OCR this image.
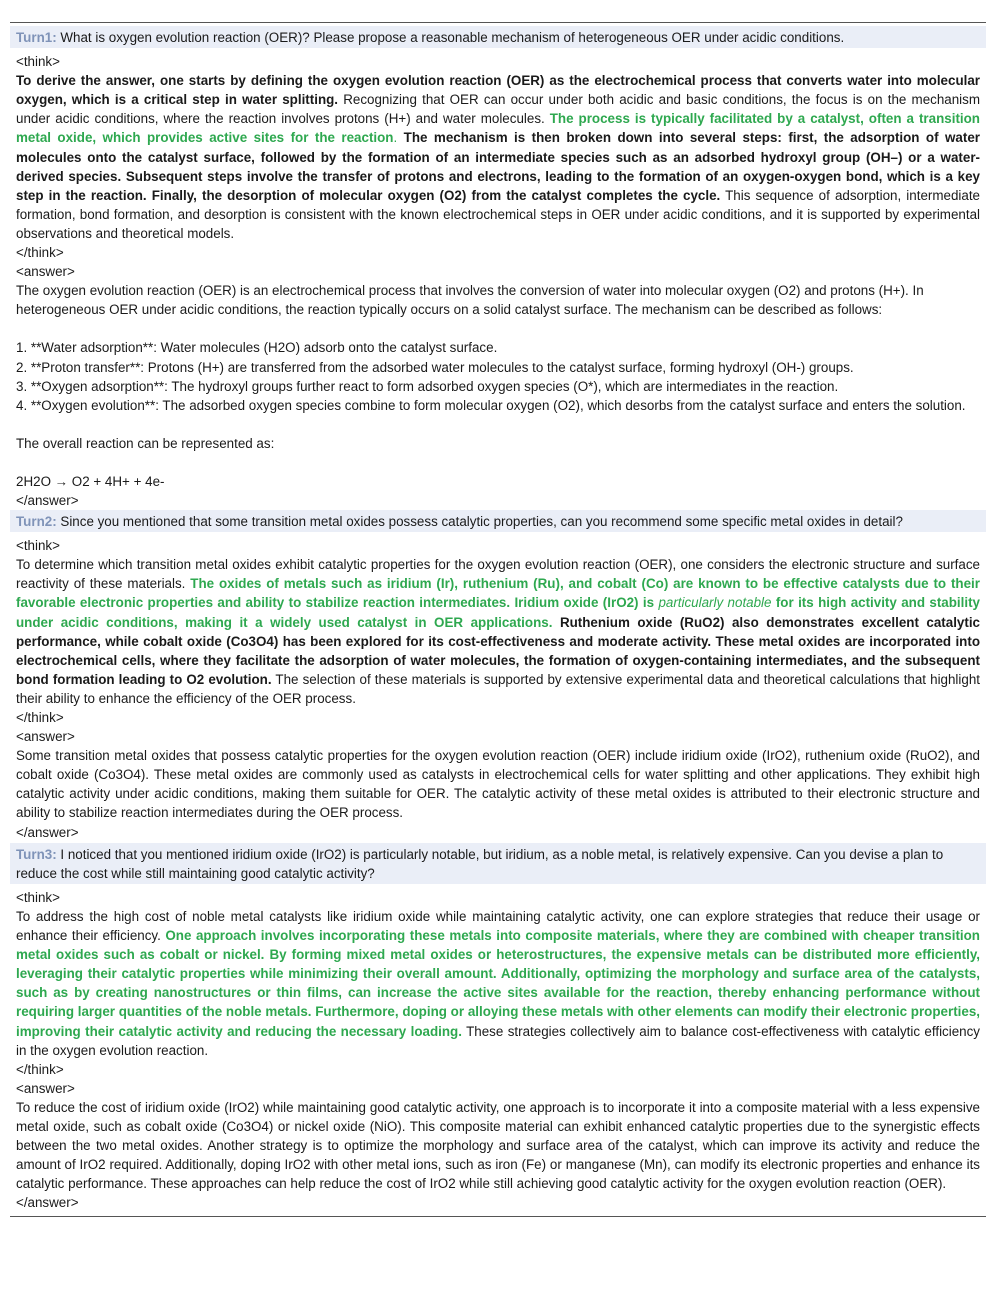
Turn1: What is oxygen evolution reaction (OER)? Please propose a reasonable mechanism of heterogeneous OER under acidic conditions.
<think>

To derive the answer, one starts by defining the oxygen evolution reaction (OER) as the electrochemical process that converts water into molecular oxygen, which is a critical step in water splitting. Recognizing that OER can occur under both acidic and basic conditions, the focus is on the mechanism under acidic conditions, where the reaction involves protons (H+) and water molecules. The process is typically facilitated by a catalyst, often a transition metal oxide, which provides active sites for the reaction. The mechanism is then broken down into several steps: first, the adsorption of water molecules onto the catalyst surface, followed by the formation of an intermediate species such as an adsorbed hydroxyl group (OH–) or a water-derived species. Subsequent steps involve the transfer of protons and electrons, leading to the formation of an oxygen-oxygen bond, which is a key step in the reaction. Finally, the desorption of molecular oxygen (O2) from the catalyst completes the cycle. This sequence of adsorption, intermediate formation, bond formation, and desorption is consistent with the known electrochemical steps in OER under acidic conditions, and it is supported by experimental observations and theoretical models.

</think>
<answer>

The oxygen evolution reaction (OER) is an electrochemical process that involves the conversion of water into molecular oxygen (O2) and protons (H+). In heterogeneous OER under acidic conditions, the reaction typically occurs on a solid catalyst surface. The mechanism can be described as follows:

1. **Water adsorption**: Water molecules (H2O) adsorb onto the catalyst surface.

2. **Proton transfer**: Protons (H+) are transferred from the adsorbed water molecules to the catalyst surface, forming hydroxyl (OH-) groups.

3. **Oxygen adsorption**: The hydroxyl groups further react to form adsorbed oxygen species (O*), which are intermediates in the reaction.

4. **Oxygen evolution**: The adsorbed oxygen species combine to form molecular oxygen (O2), which desorbs from the catalyst surface and enters the solution.

The overall reaction can be represented as:

2H2O → O2 + 4H+ + 4e-

</answer>
Turn2: Since you mentioned that some transition metal oxides possess catalytic properties, can you recommend some specific metal oxides in detail?
<think>

To determine which transition metal oxides exhibit catalytic properties for the oxygen evolution reaction (OER), one considers the electronic structure and surface reactivity of these materials. The oxides of metals such as iridium (Ir), ruthenium (Ru), and cobalt (Co) are known to be effective catalysts due to their favorable electronic properties and ability to stabilize reaction intermediates. Iridium oxide (IrO2) is particularly notable for its high activity and stability under acidic conditions, making it a widely used catalyst in OER applications. Ruthenium oxide (RuO2) also demonstrates excellent catalytic performance, while cobalt oxide (Co3O4) has been explored for its cost-effectiveness and moderate activity. These metal oxides are incorporated into electrochemical cells, where they facilitate the adsorption of water molecules, the formation of oxygen-containing intermediates, and the subsequent bond formation leading to O2 evolution. The selection of these materials is supported by extensive experimental data and theoretical calculations that highlight their ability to enhance the efficiency of the OER process.

</think>
<answer>

Some transition metal oxides that possess catalytic properties for the oxygen evolution reaction (OER) include iridium oxide (IrO2), ruthenium oxide (RuO2), and cobalt oxide (Co3O4). These metal oxides are commonly used as catalysts in electrochemical cells for water splitting and other applications. They exhibit high catalytic activity under acidic conditions, making them suitable for OER. The catalytic activity of these metal oxides is attributed to their electronic structure and ability to stabilize reaction intermediates during the OER process.

</answer>
Turn3: I noticed that you mentioned iridium oxide (IrO2) is particularly notable, but iridium, as a noble metal, is relatively expensive. Can you devise a plan to reduce the cost while still maintaining good catalytic activity?
<think>

To address the high cost of noble metal catalysts like iridium oxide while maintaining catalytic activity, one can explore strategies that reduce their usage or enhance their efficiency. One approach involves incorporating these metals into composite materials, where they are combined with cheaper transition metal oxides such as cobalt or nickel. By forming mixed metal oxides or heterostructures, the expensive metals can be distributed more efficiently, leveraging their catalytic properties while minimizing their overall amount. Additionally, optimizing the morphology and surface area of the catalysts, such as by creating nanostructures or thin films, can increase the active sites available for the reaction, thereby enhancing performance without requiring larger quantities of the noble metals. Furthermore, doping or alloying these metals with other elements can modify their electronic properties, improving their catalytic activity and reducing the necessary loading. These strategies collectively aim to balance cost-effectiveness with catalytic efficiency in the oxygen evolution reaction.

</think>
<answer>

To reduce the cost of iridium oxide (IrO2) while maintaining good catalytic activity, one approach is to incorporate it into a composite material with a less expensive metal oxide, such as cobalt oxide (Co3O4) or nickel oxide (NiO). This composite material can exhibit enhanced catalytic properties due to the synergistic effects between the two metal oxides. Another strategy is to optimize the morphology and surface area of the catalyst, which can improve its activity and reduce the amount of IrO2 required. Additionally, doping IrO2 with other metal ions, such as iron (Fe) or manganese (Mn), can modify its electronic properties and enhance its catalytic performance. These approaches can help reduce the cost of IrO2 while still achieving good catalytic activity for the oxygen evolution reaction (OER).

</answer>
